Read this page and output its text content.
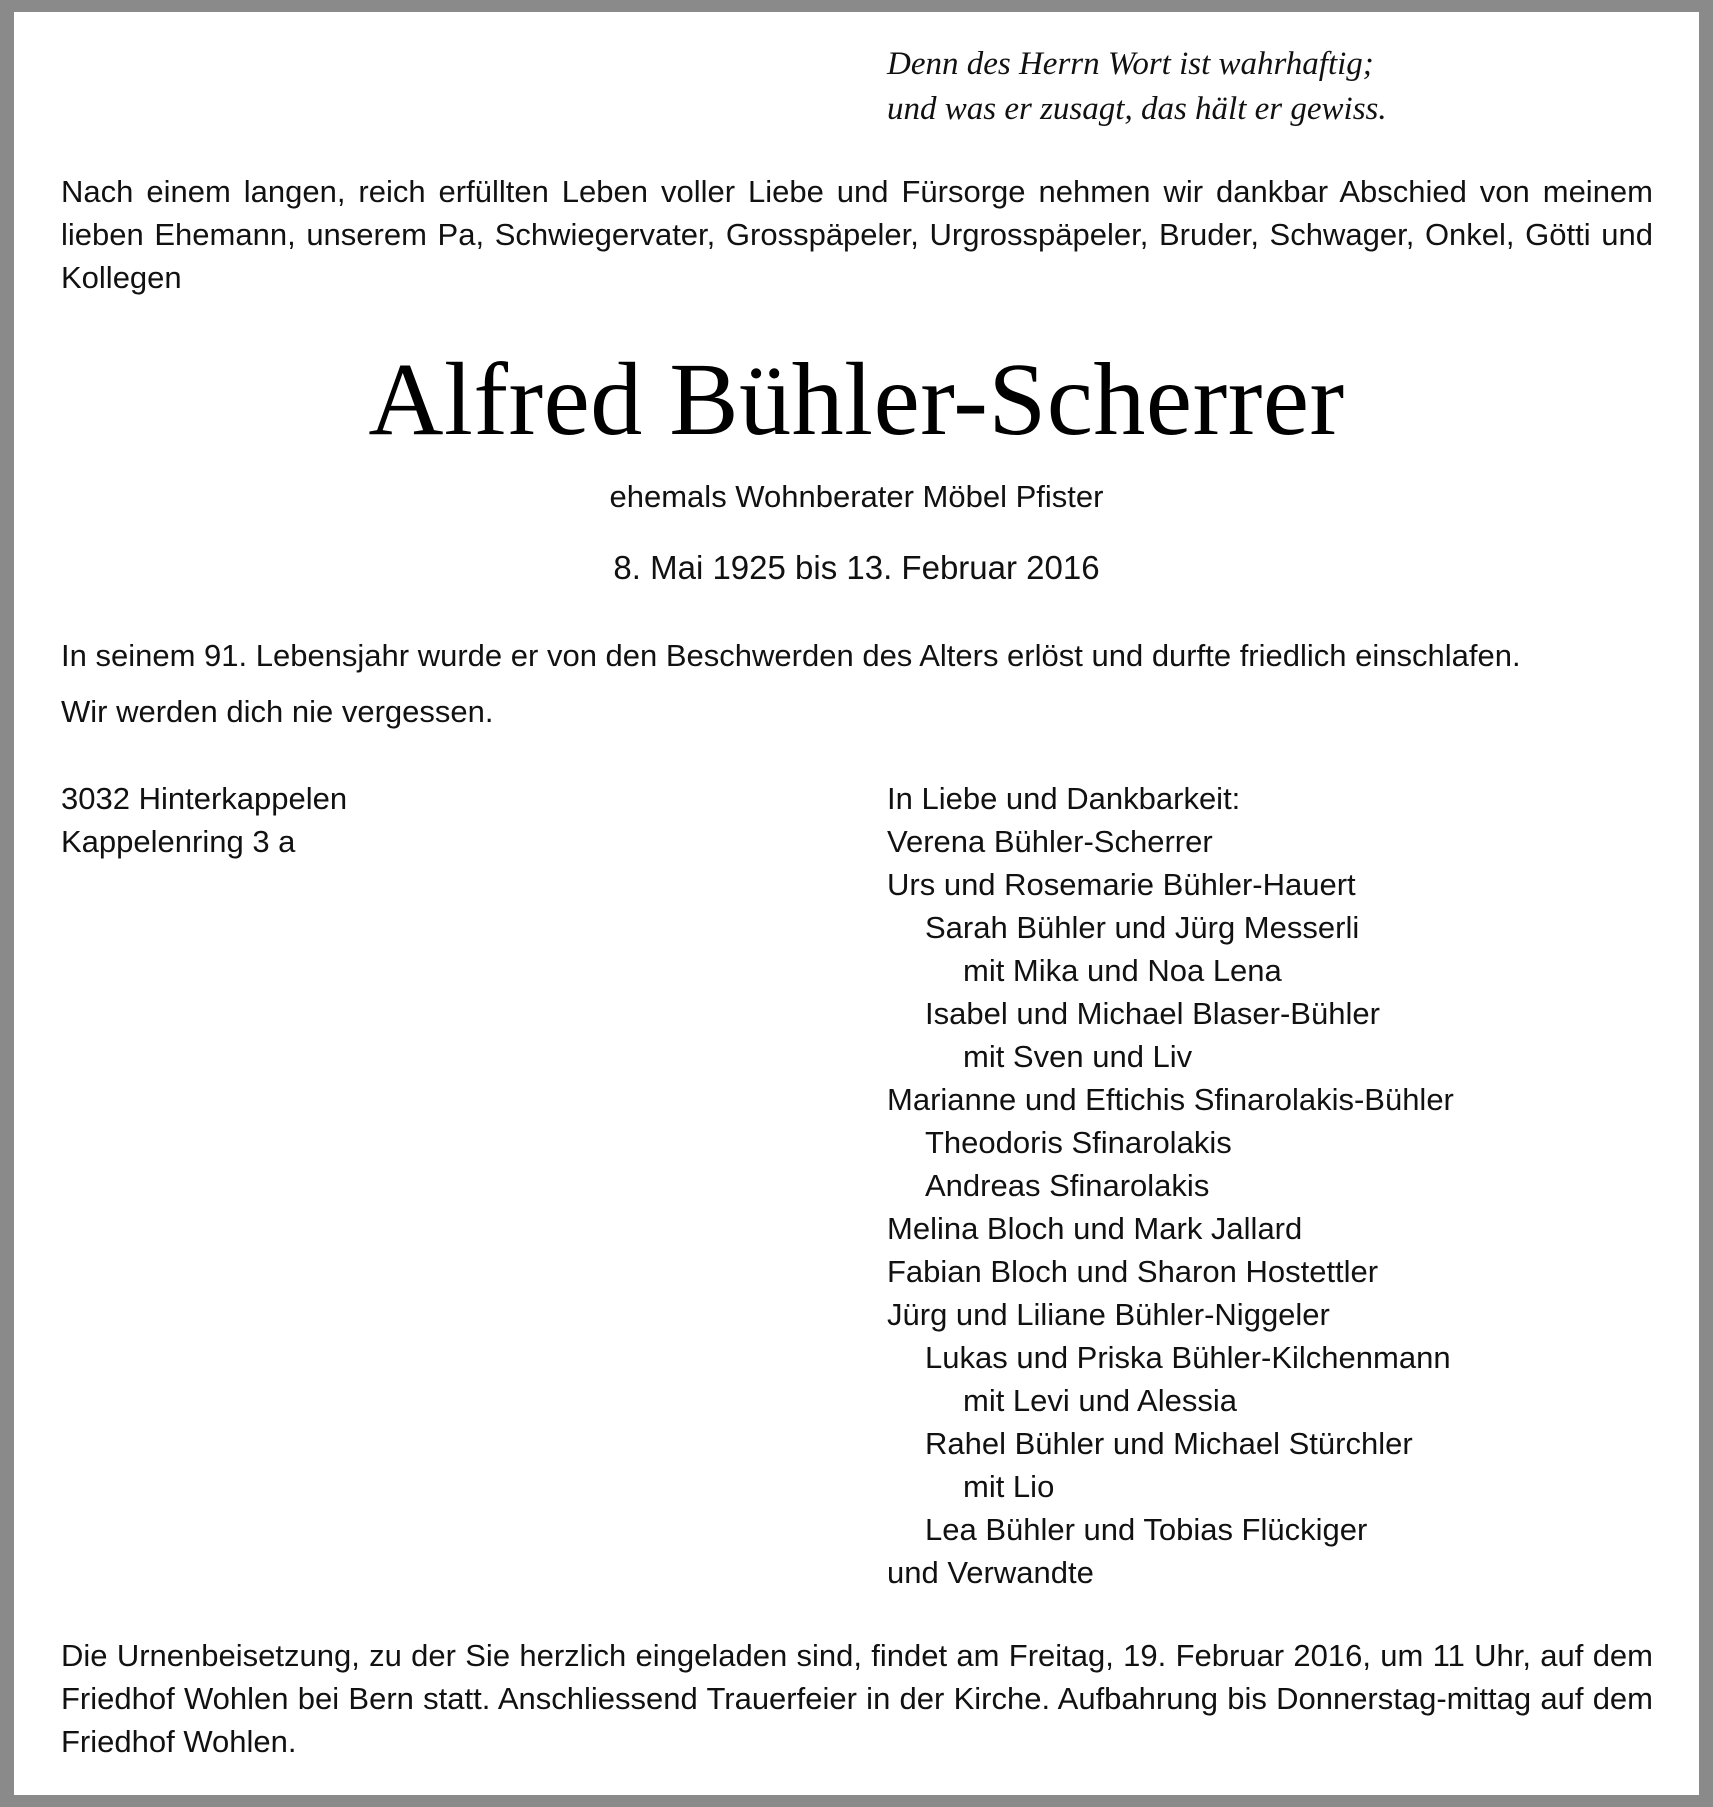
Denn des Herrn Wort ist wahrhaftig;
und was er zusagt, das hält er gewiss.
Nach einem langen, reich erfüllten Leben voller Liebe und Fürsorge nehmen wir dankbar Abschied von meinem lieben Ehemann, unserem Pa, Schwiegervater, Grosspäpeler, Urgrosspäpeler, Bruder, Schwager, Onkel, Götti und Kollegen
Alfred Bühler-Scherrer
ehemals Wohnberater Möbel Pfister
8. Mai 1925 bis 13. Februar 2016
In seinem 91. Lebensjahr wurde er von den Beschwerden des Alters erlöst und durfte friedlich einschlafen.
Wir werden dich nie vergessen.
3032 Hinterkappelen
Kappelenring 3 a
In Liebe und Dankbarkeit:
Verena Bühler-Scherrer
Urs und Rosemarie Bühler-Hauert
Sarah Bühler und Jürg Messerli
mit Mika und Noa Lena
Isabel und Michael Blaser-Bühler
mit Sven und Liv
Marianne und Eftichis Sfinarolakis-Bühler
Theodoris Sfinarolakis
Andreas Sfinarolakis
Melina Bloch und Mark Jallard
Fabian Bloch und Sharon Hostettler
Jürg und Liliane Bühler-Niggeler
Lukas und Priska Bühler-Kilchenmann
mit Levi und Alessia
Rahel Bühler und Michael Stürchler
mit Lio
Lea Bühler und Tobias Flückiger
und Verwandte
Die Urnenbeisetzung, zu der Sie herzlich eingeladen sind, findet am Freitag, 19. Februar 2016, um 11 Uhr, auf dem Friedhof Wohlen bei Bern statt. Anschliessend Trauerfeier in der Kirche. Aufbahrung bis Donnerstag-mittag auf dem Friedhof Wohlen.
